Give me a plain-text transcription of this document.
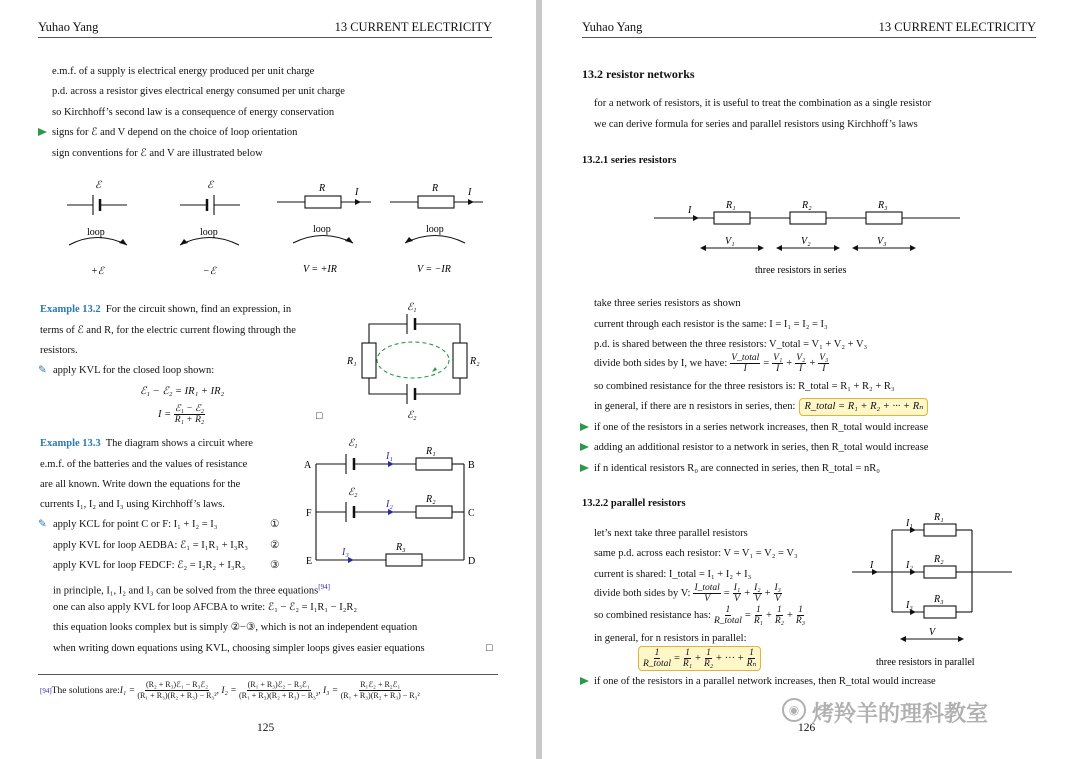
Yuhao Yang	13 CURRENT ELECTRICITY
e.m.f. of a supply is electrical energy produced per unit charge
p.d. across a resistor gives electrical energy consumed per unit charge
so Kirchhoff’s second law is a consequence of energy conservation
signs for ℰ and V depend on the choice of loop orientation
sign conventions for ℰ and V are illustrated below
ℰ	ℰ	R	R
I	I
loop	loop	loop	loop
+ℰ	−ℰ	V = +IR	V = −IR
Example 13.2 For the circuit shown, find an expression, in
terms of ℰ and R, for the electric current flowing through the
resistors.
✎ apply KVL for the closed loop shown:
ℰ₁ − ℰ₂ = IR₁ + IR₂
$I = \frac{\text{ℰ₁ − ℰ₂}}{\text{R₁ + R₂}}$	□
ℰ₁
ℰ₂
R₁	R₂
Example 13.3 The diagram shows a circuit where
e.m.f. of the batteries and the values of resistance
are all known. Write down the equations for the
currents I₁, I₂ and I₃ using Kirchhoff’s laws.
✎ apply KCL for point C or F: I₁ + I₂ = I₃	①
apply KVL for loop AEDBA: ℰ₁ = I₁R₁ + I₃R₃ ②
apply KVL for loop FEDCF: ℰ₂ = I₂R₂ + I₃R₃ ③
in principle, I₁, I₂ and I₃ can be solved from the three equations[94]
one can also apply KVL for loop AFCBA to write: ℰ₁ − ℰ₂ = I₁R₁ − I₂R₂
this equation looks complex but is simply ②−③, which is not an independent equation
when writing down equations using KVL, choosing simpler loops gives easier equations	□
A	B
C
D
E
F
ℰ₁
ℰ₂
I₁
I₂
I₃
R₁
R₂
R₃
[94] The solutions are: I₁ =
$\frac{\text{(R₂ + R₃)ℰ₁ − R₃ℰ₂}}{\text{(R₁ + R₃)(R₂ + R₃) − R₃²}}$ , I₂ =
$\frac{\text{(R₁ + R₃)ℰ₂ − R₃ℰ₁}}{\text{(R₁ + R₃)(R₂ + R₃) − R₃²}}$ , I₃ =
$\frac{\text{R₁ℰ₂ + R₂ℰ₁}}{\text{(R₁ + R₃)(R₂ + R₃) − R₃²}}$
125
Yuhao Yang	13 CURRENT ELECTRICITY
13.2 resistor networks
for a network of resistors, it is useful to treat the combination as a single resistor
we can derive formula for series and parallel resistors using Kirchhoff’s laws
13.2.1 series resistors
I	R₁	R₂	R₃
V₁	V₂	V₃
three resistors in series
take three series resistors as shown
current through each resistor is the same: I = I₁ = I₂ = I₃
p.d. is shared between the three resistors: V_total = V₁ + V₂ + V₃
divide both sides by I, we have: $\frac{\text{V\_total}}{I} = \frac{\text{V₁}}{I} + \frac{\text{V₂}}{I} + \frac{\text{V₃}}{I}$
so combined resistance for the three resistors is: R_total = R₁ + R₂ + R₃
in general, if there are n resistors in series, then: R_total = R₁ + R₂ + ··· + Rₙ
if one of the resistors in a series network increases, then R_total would increase
adding an additional resistor to a network in series, then R_total would increase
if n identical resistors R₀ are connected in series, then R_total = nR₀
13.2.2 parallel resistors
let’s next take three parallel resistors
same p.d. across each resistor: V = V₁ = V₂ = V₃
current is shared: I_total = I₁ + I₂ + I₃
divide both sides by V: $\frac{\text{I\_total}}{V} = \frac{\text{I₁}}{V} + \frac{\text{I₂}}{V} + \frac{\text{I₃}}{V}$
so combined resistance has: $\frac{1}{\text{R\_total}} = \frac{1}{\text{R₁}} + \frac{1}{\text{R₂}} + \frac{1}{\text{R₃}}$
in general, for n resistors in parallel:
$\frac{1}{\text{R\_total}} = \frac{1}{\text{R₁}} + \frac{1}{\text{R₂}}$ + ··· + $\frac{1}{\text{Rₙ}}$
if one of the resistors in a parallel network increases, then R_total would increase
I
I₁
I₂
I₃
R₁
R₂
R₃
V
three resistors in parallel
126
◉ 烤羚羊的理科教室
